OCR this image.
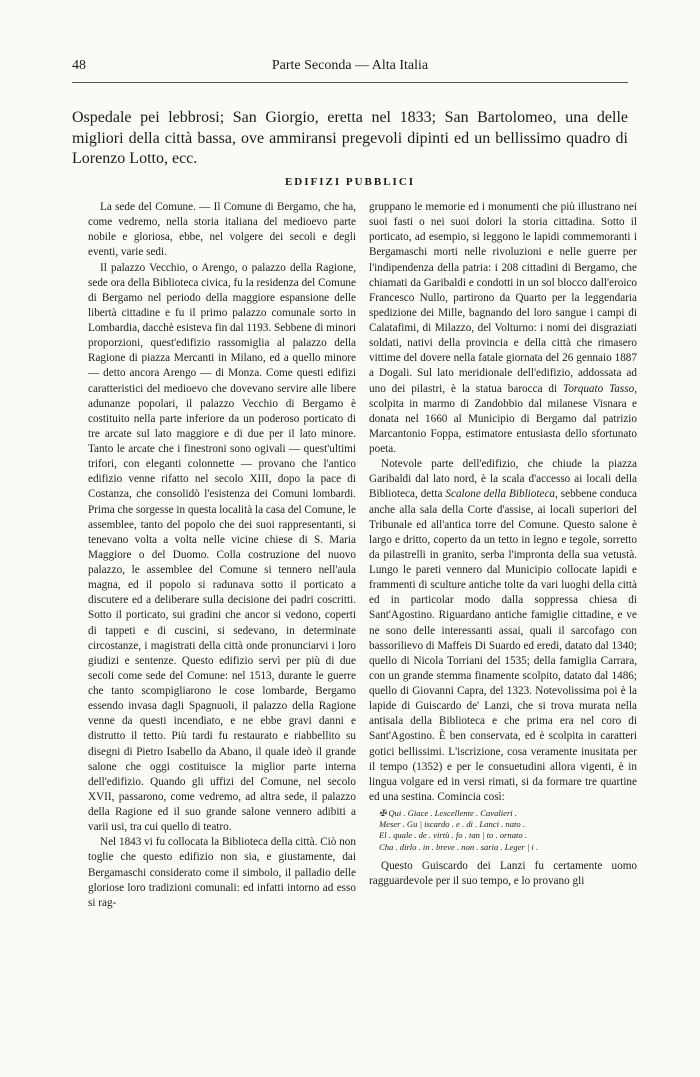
48	Parte Seconda — Alta Italia
Ospedale pei lebbrosi; San Giorgio, eretta nel 1833; San Bartolomeo, una delle migliori della città bassa, ove ammiransi pregevoli dipinti ed un bellissimo quadro di Lorenzo Lotto, ecc.
EDIFIZI PUBBLICI

La sede del Comune. — Il Comune di Bergamo, che ha, come vedremo, nella storia italiana del medioevo parte nobile e gloriosa, ebbe, nel volgere dei secoli e degli eventi, varie sedi.

Il palazzo Vecchio, o Arengo, o palazzo della Ragione, sede ora della Biblioteca civica, fu la residenza del Comune di Bergamo nel periodo della maggiore espansione delle libertà cittadine e fu il primo palazzo comunale sorto in Lombardia, dacchè esisteva fin dal 1193. Sebbene di minori proporzioni, quest'edifizio rassomiglia al palazzo della Ragione di piazza Mercanti in Milano, ed a quello minore — detto ancora Arengo — di Monza. Come questi edifizi caratteristici del medioevo che dovevano servire alle libere adunanze popolari, il palazzo Vecchio di Bergamo è costituito nella parte inferiore da un poderoso porticato di tre arcate sul lato maggiore e di due per il lato minore. Tanto le arcate che i finestroni sono ogivali — quest'ultimi trifori, con eleganti colonnette — provano che l'antico edifizio venne rifatto nel secolo XIII, dopo la pace di Costanza, che consolidò l'esistenza dei Comuni lombardi. Prima che sorgesse in questa località la casa del Comune, le assemblee, tanto del popolo che dei suoi rappresentanti, si tenevano volta a volta nelle vicine chiese di S. Maria Maggiore o del Duomo. Colla costruzione del nuovo palazzo, le assemblee del Comune si tennero nell'aula magna, ed il popolo si radunava sotto il porticato a discutere ed a deliberare sulla decisione dei padri coscritti. Sotto il porticato, sui gradini che ancor si vedono, coperti di tappeti e di cuscini, si sedevano, in determinate circostanze, i magistrati della città onde pronunciarvi i loro giudizi e sentenze. Questo edifizio servì per più di due secoli come sede del Comune: nel 1513, durante le guerre che tanto scompigliarono le cose lombarde, Bergamo essendo invasa dagli Spagnuoli, il palazzo della Ragione venne da questi incendiato, e ne ebbe gravi danni e distrutto il tetto. Più tardi fu restaurato e riabbellito su disegni di Pietro Isabello da Abano, il quale ideò il grande salone che oggi costituisce la miglior parte interna dell'edifizio. Quando gli uffizi del Comune, nel secolo XVII, passarono, come vedremo, ad altra sede, il palazzo della Ragione ed il suo grande salone vennero adibiti a varii usi, tra cui quello di teatro.

Nel 1843 vi fu collocata la Biblioteca della città. Ciò non toglie che questo edifizio non sia, e giustamente, dai Bergamaschi considerato come il simbolo, il palladio delle gloriose loro tradizioni comunali: ed infatti intorno ad esso si rag-

gruppano le memorie ed i monumenti che più illustrano nei suoi fasti o nei suoi dolori la storia cittadina. Sotto il porticato, ad esempio, si leggono le lapidi commemoranti i Bergamaschi morti nelle rivoluzioni e nelle guerre per l'indipendenza della patria: i 208 cittadini di Bergamo, che chiamati da Garibaldi e condotti in un sol blocco dall'eroico Francesco Nullo, partirono da Quarto per la leggendaria spedizione dei Mille, bagnando del loro sangue i campi di Calatafimi, di Milazzo, del Volturno: i nomi dei disgraziati soldati, nativi della provincia e della città che rimasero vittime del dovere nella fatale giornata del 26 gennaio 1887 a Dogali. Sul lato meridionale dell'edifizio, addossata ad uno dei pilastri, è la statua barocca di Torquato Tasso, scolpita in marmo di Zandobbio dal milanese Visnara e donata nel 1660 al Municipio di Bergamo dal patrizio Marcantonio Foppa, estimatore entusiasta dello sfortunato poeta.

Notevole parte dell'edifizio, che chiude la piazza Garibaldi dal lato nord, è la scala d'accesso ai locali della Biblioteca, detta Scalone della Biblioteca, sebbene conduca anche alla sala della Corte d'assise, ai locali superiori del Tribunale ed all'antica torre del Comune. Questo salone è largo e dritto, coperto da un tetto in legno e tegole, sorretto da pilastrelli in granito, serba l'impronta della sua vetustà. Lungo le pareti vennero dal Municipio collocate lapidi e frammenti di sculture antiche tolte da vari luoghi della città ed in particolar modo dalla soppressa chiesa di Sant'Agostino. Riguardano antiche famiglie cittadine, e ve ne sono delle interessanti assai, quali il sarcofago con bassorilievo di Maffeis Di Suardo ed eredi, datato dal 1340; quello di Nicola Torriani del 1535; della famiglia Carrara, con un grande stemma finamente scolpito, datato dal 1486; quello di Giovanni Capra, del 1323. Notevolissima poi è la lapide di Guiscardo de' Lanzi, che si trova murata nella antisala della Biblioteca e che prima era nel coro di Sant'Agostino. È ben conservata, ed è scolpita in caratteri gotici bellissimi. L'iscrizione, cosa veramente inusitata per il tempo (1352) e per le consuetudini allora vigenti, è in lingua volgare ed in versi rimati, si da formare tre quartine ed una sestina. Comincia così:

✠ Qui . Giace . Lexcellente . Cavalieri .
Meser . Gu | iscardo . e . di . Lanci . nato .
El . quale . de . virtù . fo . tan | to . ornato .
Cha . dirlo . in . breve . non . saria . Leger | i .

Questo Guiscardo dei Lanzi fu certamente uomo ragguardevole per il suo tempo, e lo provano gli
